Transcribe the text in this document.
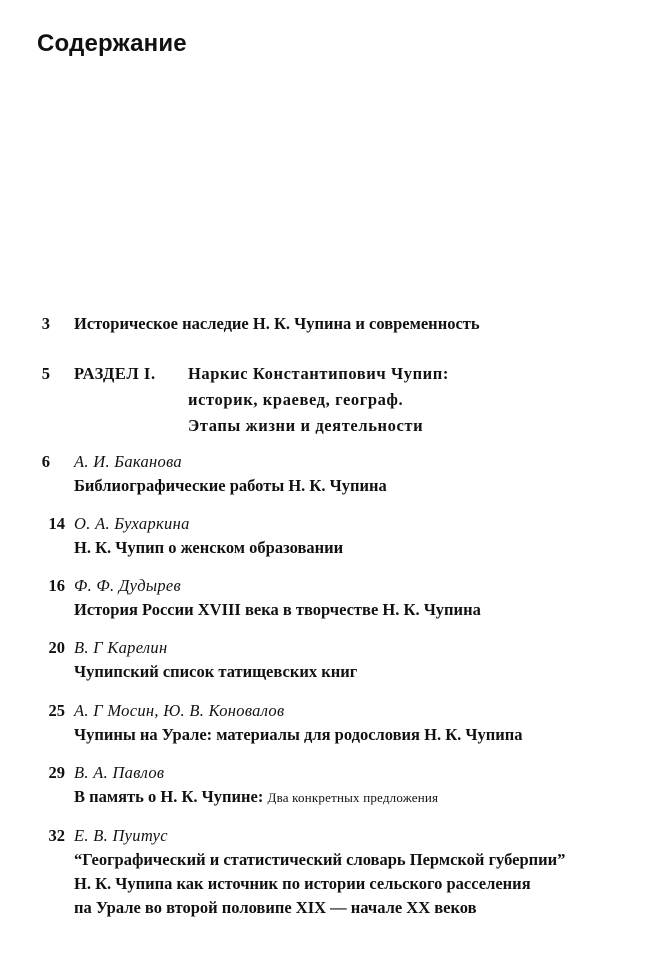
Содержание
3 Историческое наследие Н. К. Чупина и современность
5 РАЗДЕЛ I. Наркис Константипович Чупип:
историк, краевед, географ.
Этапы жизни и деятельности
6 А. И. Баканова
Библиографические работы Н. К. Чупина
14 О. А. Бухаркина
Н. К. Чупип о женском образовании
16 Ф. Ф. Дудырев
История России XVIII века в творчестве Н. К. Чупина
20 В. Г Карелин
Чупипский список татищевских книг
25 А. Г Мосин, Ю. В. Коновалов
Чупины на Урале: материалы для родословия Н. К. Чупипа
29 В. А. Павлов
В память о Н. К. Чупине: Два конкретных предложения
32 Е. В. Пуитус
“Географический и статистический словарь Пермской губерпии”
Н. К. Чупипа как источник по истории сельского расселения
па Урале во второй половипе XIX — начале XX веков
